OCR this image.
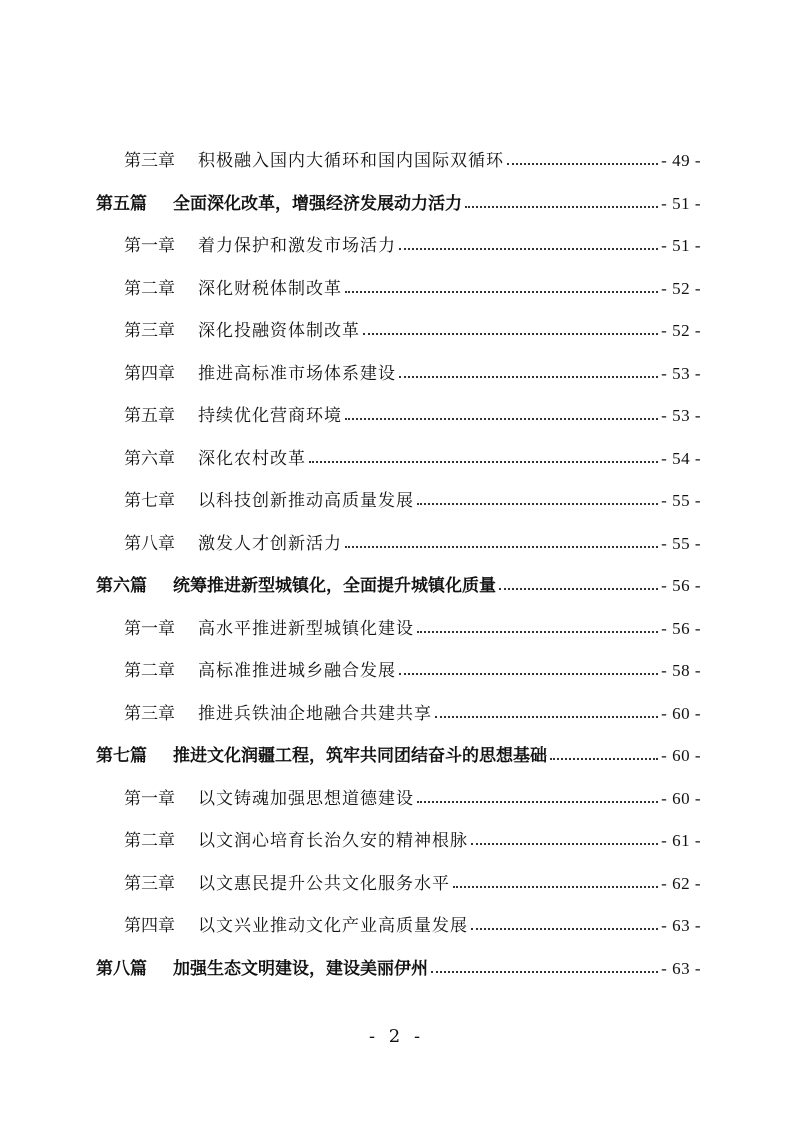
第三章	积极融入国内大循环和国内国际双循环	- 49 -
第五篇	全面深化改革，增强经济发展动力活力	- 51 -
第一章	着力保护和激发市场活力	- 51 -
第二章	深化财税体制改革	- 52 -
第三章	深化投融资体制改革	- 52 -
第四章	推进高标准市场体系建设	- 53 -
第五章	持续优化营商环境	- 53 -
第六章	深化农村改革	- 54 -
第七章	以科技创新推动高质量发展	- 55 -
第八章	激发人才创新活力	- 55 -
第六篇	统筹推进新型城镇化，全面提升城镇化质量	- 56 -
第一章	高水平推进新型城镇化建设	- 56 -
第二章	高标准推进城乡融合发展	- 58 -
第三章	推进兵铁油企地融合共建共享	- 60 -
第七篇	推进文化润疆工程，筑牢共同团结奋斗的思想基础	- 60 -
第一章	以文铸魂加强思想道德建设	- 60 -
第二章	以文润心培育长治久安的精神根脉	- 61 -
第三章	以文惠民提升公共文化服务水平	- 62 -
第四章	以文兴业推动文化产业高质量发展	- 63 -
第八篇	加强生态文明建设，建设美丽伊州	- 63 -
- 2 -
